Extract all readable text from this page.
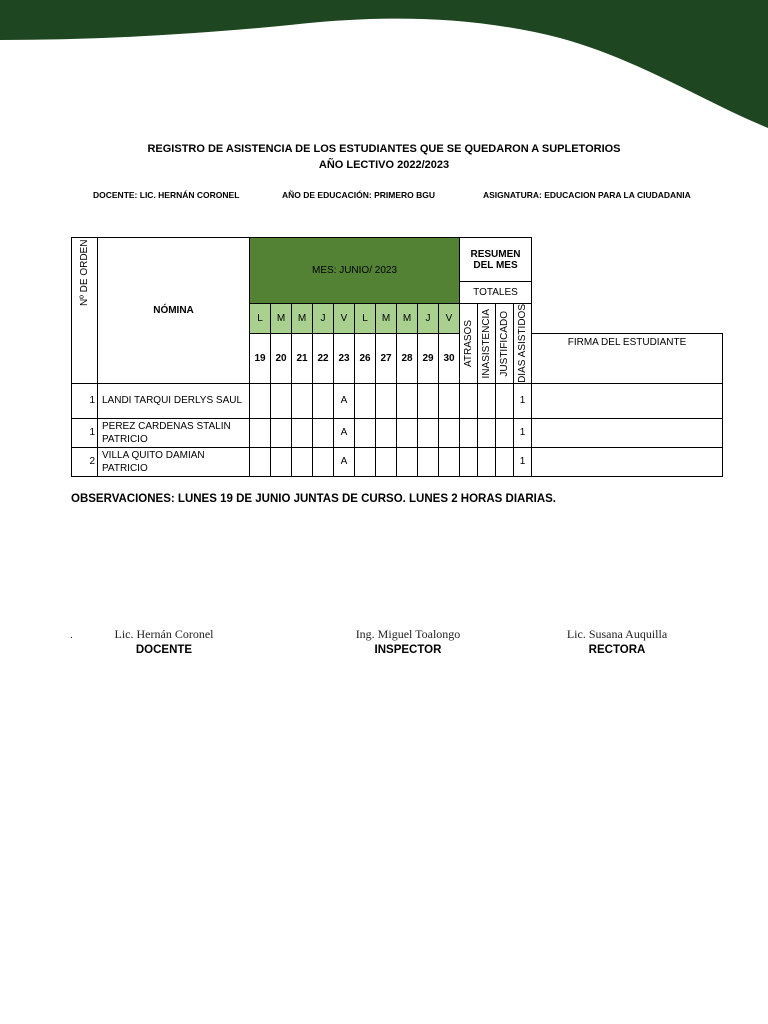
REGISTRO DE ASISTENCIA DE LOS ESTUDIANTES QUE SE QUEDARON A SUPLETORIOS
AÑO LECTIVO 2022/2023
DOCENTE: LIC. HERNÁN CORONEL	AÑO DE EDUCACIÓN: PRIMERO BGU	ASIGNATURA: EDUCACION PARA LA CIUDADANIA
Nº DE ORDEN	NÓMINA	MES: JUNIO/ 2023										RESUMEN DEL MES				
												TOTALES				
		L	M	M	J	V	L	M	M	J	V	ATRASOS	INASISTENCIA	JUSTIFICADO	DIAS ASISTIDOS	

		19	20	21	22	23	26	27	28	29	30					FIRMA DEL ESTUDIANTE
1	LANDI TARQUI DERLYS SAUL					A									1	
1	PEREZ CARDENAS STALIN PATRICIO					A									1	
2	VILLA QUITO DAMIAN PATRICIO					A									1	
OBSERVACIONES: LUNES 19 DE JUNIO JUNTAS DE CURSO. LUNES 2 HORAS DIARIAS.
.	Lic. Hernán Coronel
DOCENTE
Ing. Miguel Toalongo
INSPECTOR
Lic. Susana Auquilla
RECTORA
